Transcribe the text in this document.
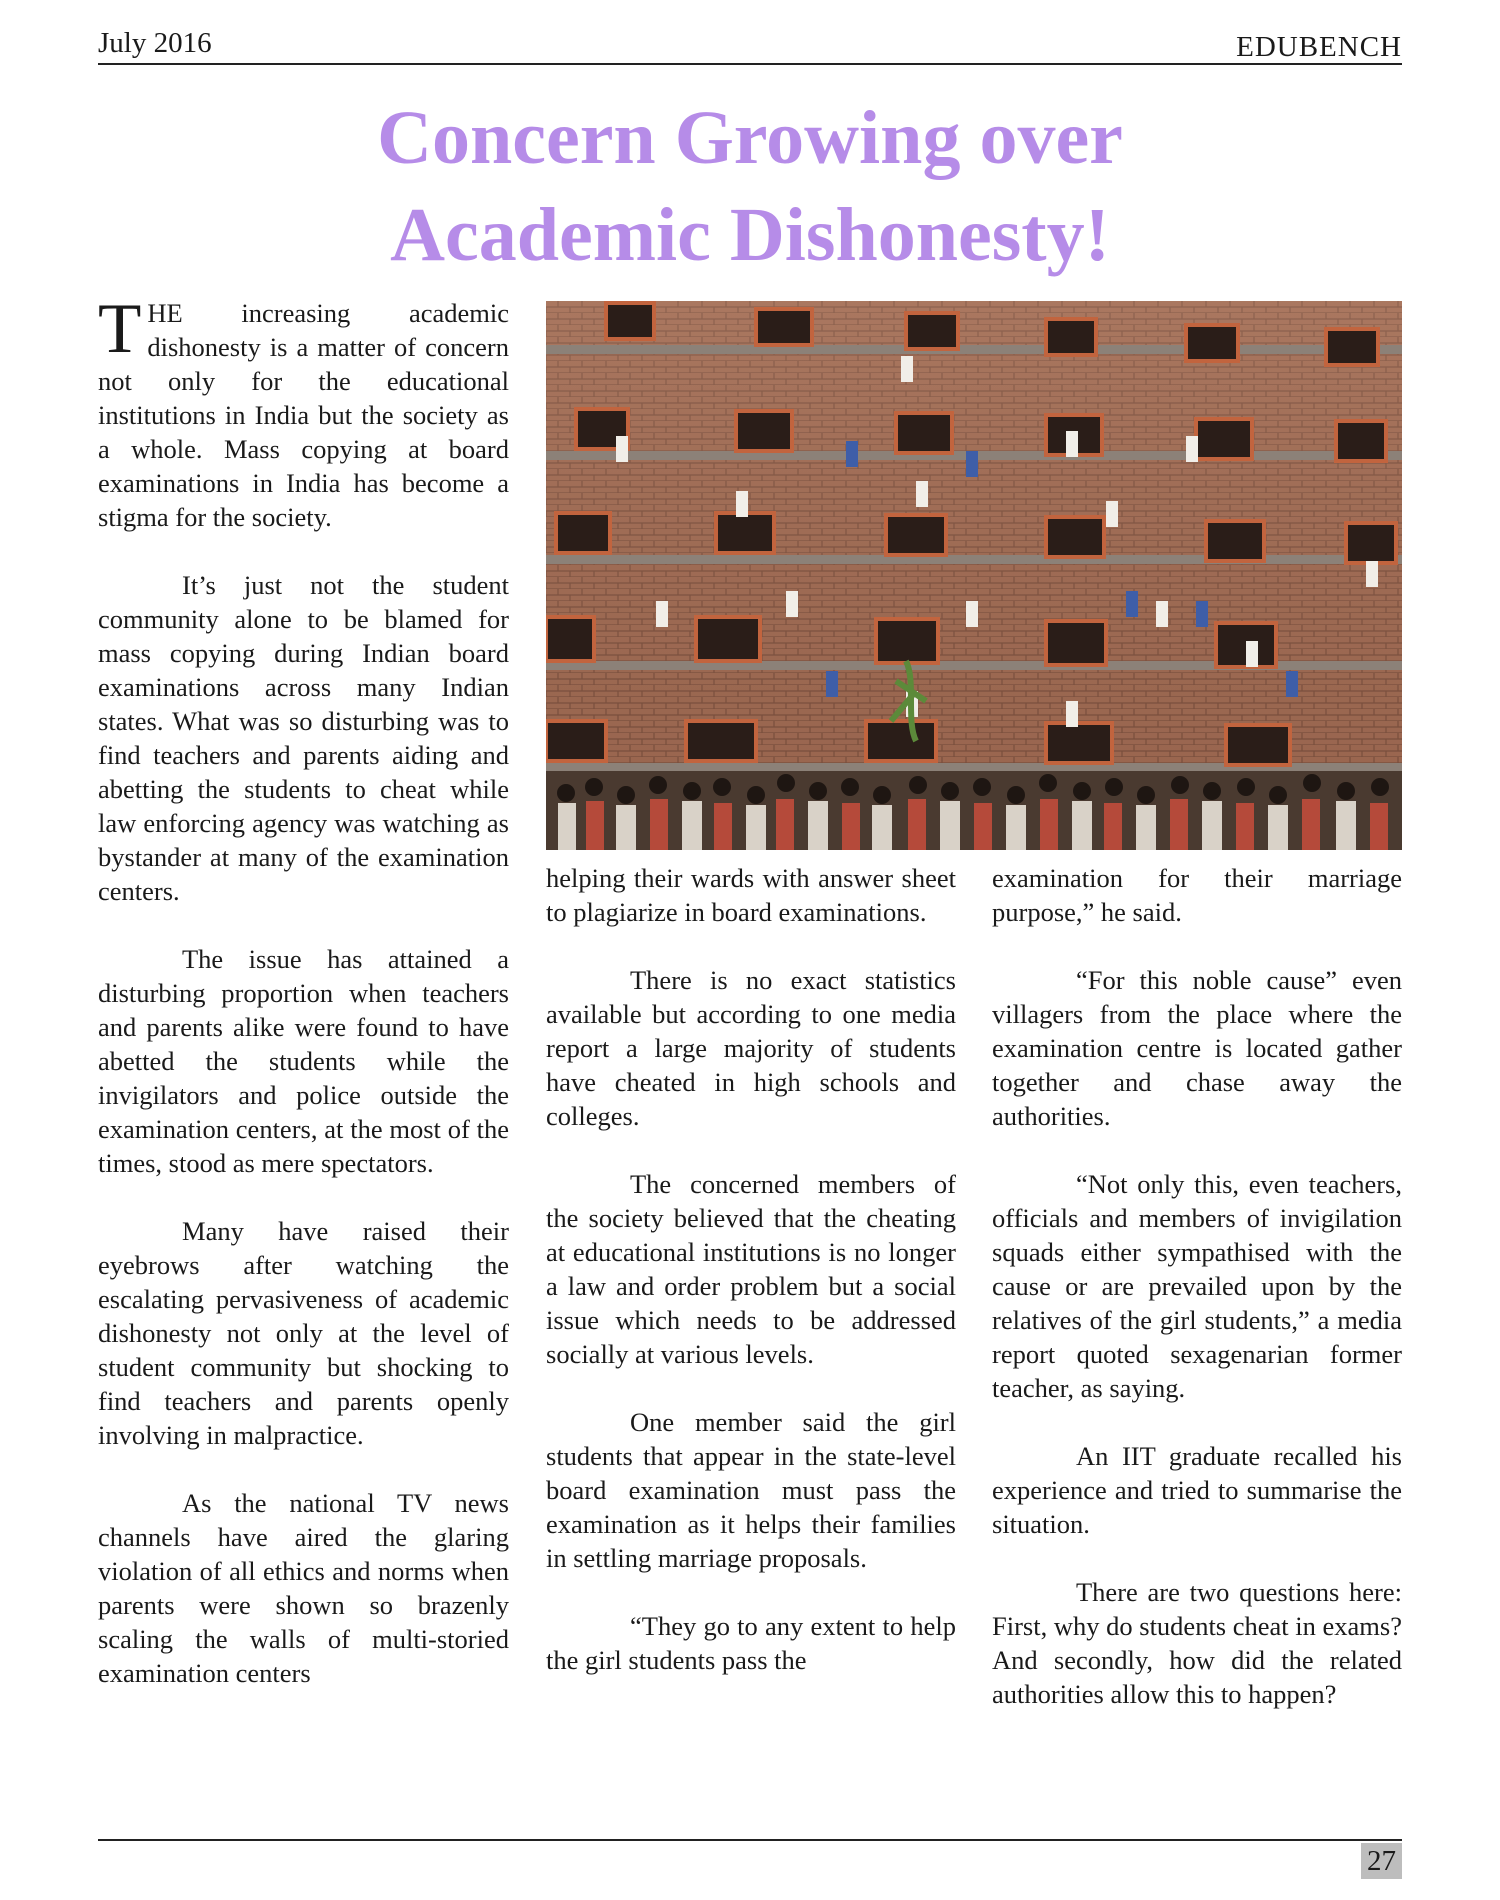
July 2016	EDUBENCH
Concern Growing over
Academic Dishonesty!

THE increasing academic dishonesty is a matter of concern not only for the educational institutions in India but the society as a whole. Mass copying at board examinations in India has become a stigma for the society.

It’s just not the student community alone to be blamed for mass copying during Indian board examinations across many Indian states. What was so disturbing was to find teachers and parents aiding and abetting the students to cheat while law enforcing agency was watching as bystander at many of the examination centers.

The issue has attained a disturbing proportion when teachers and parents alike were found to have abetted the students while the invigilators and police outside the examination centers, at the most of the times, stood as mere spectators.

Many have raised their eyebrows after watching the escalating pervasiveness of academic dishonesty not only at the level of student community but shocking to find teachers and parents openly involving in malpractice.

As the national TV news channels have aired the glaring violation of all ethics and norms when parents were shown so brazenly scaling the walls of multi-storied examination centers

helping their wards with answer sheet to plagiarize in board examinations.

There is no exact statistics available but according to one media report a large majority of students have cheated in high schools and colleges.

The concerned members of the society believed that the cheating at educational institutions is no longer a law and order problem but a social issue which needs to be addressed socially at various levels.

One member said the girl students that appear in the state-level board examination must pass the examination as it helps their families in settling marriage proposals.

“They go to any extent to help the girl students pass the

examination for their marriage purpose,” he said.

“For this noble cause” even villagers from the place where the examination centre is located gather together and chase away the authorities.

“Not only this, even teachers, officials and members of invigilation squads either sympathised with the cause or are prevailed upon by the relatives of the girl students,” a media report quoted sexagenarian former teacher, as saying.

An IIT graduate recalled his experience and tried to summarise the situation.

There are two questions here: First, why do students cheat in exams? And secondly, how did the related authorities allow this to happen?

27
